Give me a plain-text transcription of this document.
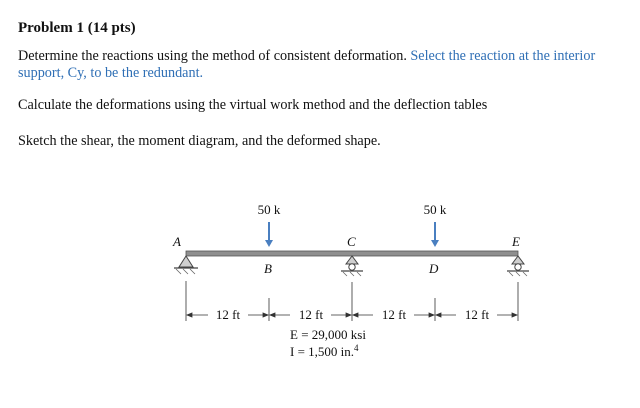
Problem 1 (14 pts)
Determine the reactions using the method of consistent deformation. Select the reaction at the interior
support, Cy, to be the redundant.
Calculate the deformations using the virtual work method and the deflection tables
Sketch the shear, the moment diagram, and the deformed shape.
50 k	50 k
A
B
C
D
E
12 ft	12 ft	12 ft	12 ft
E = 29,000 ksi
I = 1,500 in.$^4$
